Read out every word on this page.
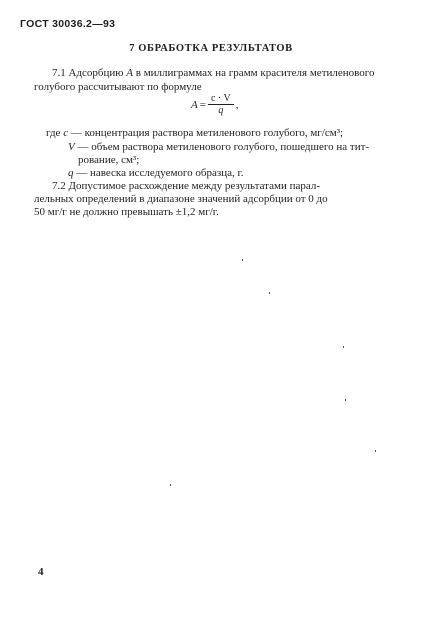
ГОСТ 30036.2—93
7 ОБРАБОТКА РЕЗУЛЬТАТОВ
7.1 Адсорбцию A в миллиграммах на грамм красителя метиленового
голубого рассчитывают по формуле
$A = \frac{c \cdot V}{q}$ ,
где c — концентрация раствора метиленового голубого, мг/см³;
V — объем раствора метиленового голубого, пошедшего на тит-
рование, см³;
q — навеска исследуемого образца, г.
7.2 Допустимое расхождение между результатами парал-
лельных определений в диапазоне значений адсорбции от 0 до
50 мг/г не должно превышать ±1,2 мг/г.
4
